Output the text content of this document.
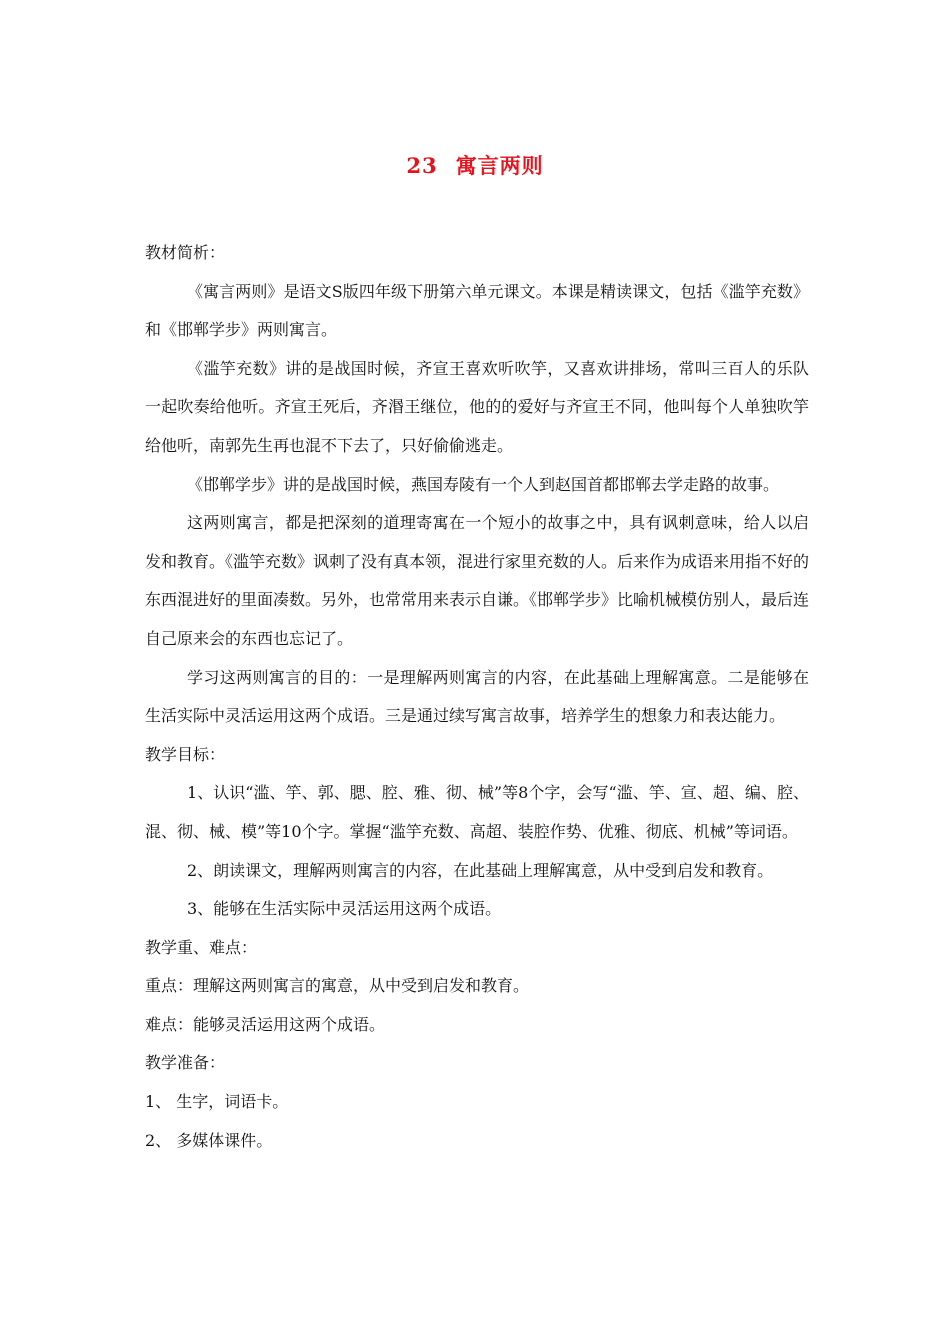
23 寓言两则

教材简析：

《寓言两则》是语文S版四年级下册第六单元课文。本课是精读课文，包括《滥竽充数》和《邯郸学步》两则寓言。

《滥竽充数》讲的是战国时候，齐宣王喜欢听吹竽，又喜欢讲排场，常叫三百人的乐队一起吹奏给他听。齐宣王死后，齐湣王继位，他的的爱好与齐宣王不同，他叫每个人单独吹竽给他听，南郭先生再也混不下去了，只好偷偷逃走。

《邯郸学步》讲的是战国时候，燕国寿陵有一个人到赵国首都邯郸去学走路的故事。

这两则寓言，都是把深刻的道理寄寓在一个短小的故事之中，具有讽刺意味，给人以启发和教育。《滥竽充数》讽刺了没有真本领，混进行家里充数的人。后来作为成语来用指不好的东西混进好的里面凑数。另外，也常常用来表示自谦。《邯郸学步》比喻机械模仿别人，最后连自己原来会的东西也忘记了。

学习这两则寓言的目的：一是理解两则寓言的内容，在此基础上理解寓意。二是能够在生活实际中灵活运用这两个成语。三是通过续写寓言故事，培养学生的想象力和表达能力。

教学目标：

1、认识“滥、竽、郭、腮、腔、雅、彻、械”等8个字，会写“滥、竽、宣、超、编、腔、混、彻、械、模”等10个字。掌握“滥竽充数、高超、装腔作势、优雅、彻底、机械”等词语。

2、朗读课文，理解两则寓言的内容，在此基础上理解寓意，从中受到启发和教育。

3、能够在生活实际中灵活运用这两个成语。

教学重、难点：

重点：理解这两则寓言的寓意，从中受到启发和教育。

难点：能够灵活运用这两个成语。

教学准备：

1、 生字，词语卡。

2、 多媒体课件。
